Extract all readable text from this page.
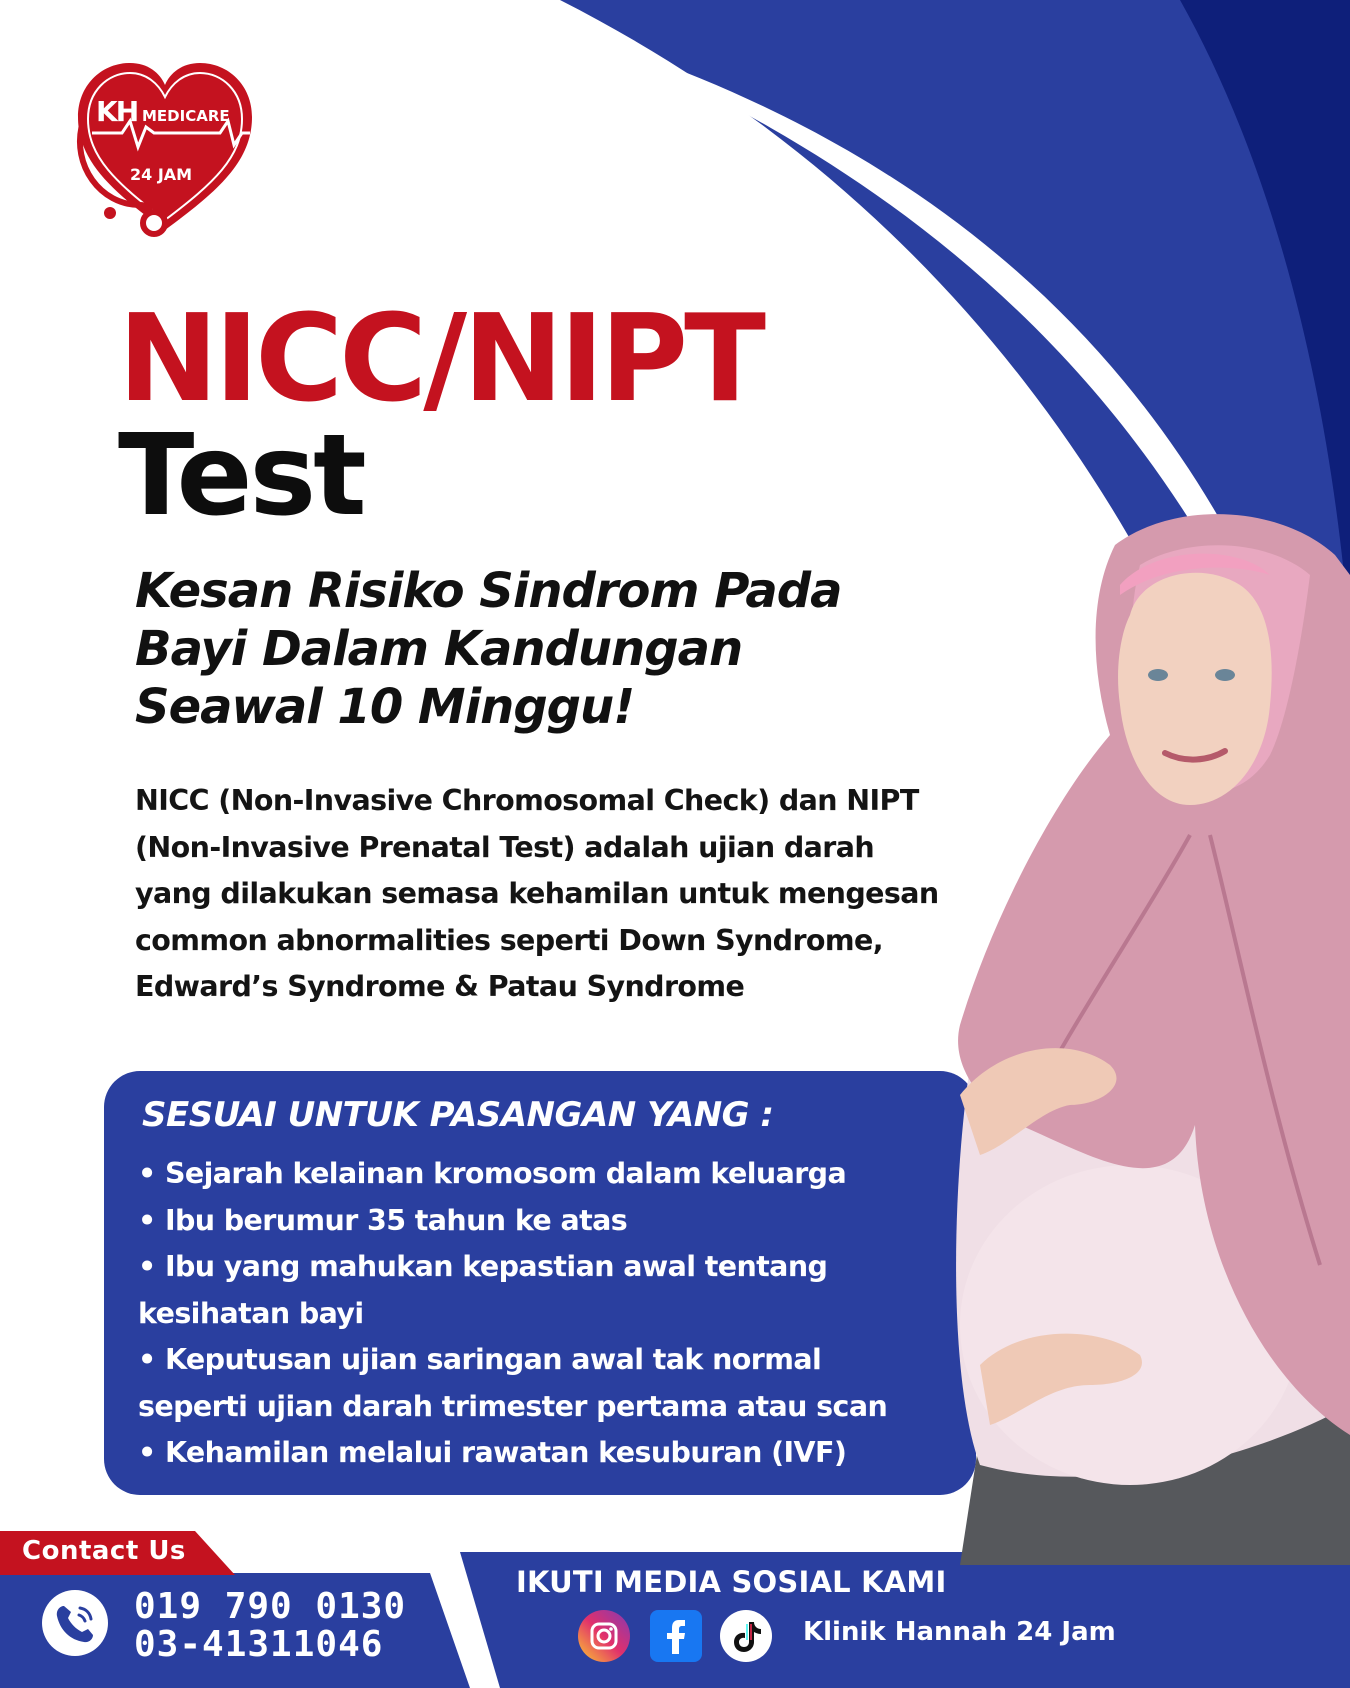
KH MEDICARE
24 JAM
NICC/NIPT
Test
Kesan Risiko Sindrom Pada
Bayi Dalam Kandungan
Seawal 10 Minggu!

NICC (Non-Invasive Chromosomal Check) dan NIPT (Non-Invasive Prenatal Test) adalah ujian darah yang dilakukan semasa kehamilan untuk mengesan common abnormalities seperti Down Syndrome, Edward’s Syndrome & Patau Syndrome

SESUAI UNTUK PASANGAN YANG :
• Sejarah kelainan kromosom dalam keluarga
• Ibu berumur 35 tahun ke atas
• Ibu yang mahukan kepastian awal tentang
kesihatan bayi
• Keputusan ujian saringan awal tak normal
seperti ujian darah trimester pertama atau scan
• Kehamilan melalui rawatan kesuburan (IVF)
Contact Us
019 790 0130
03-41311046
IKUTI MEDIA SOSIAL KAMI
Klinik Hannah 24 Jam
